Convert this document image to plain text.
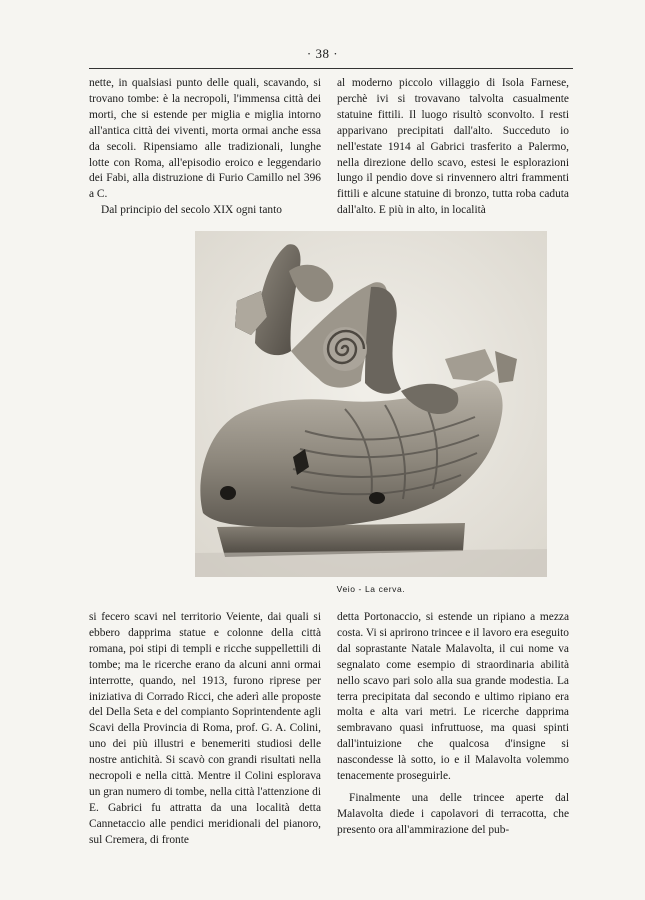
· 38 ·

nette, in qualsiasi punto delle quali, scavando, si trovano tombe: è la necropoli, l'immensa città dei morti, che si estende per miglia e miglia intorno all'antica città dei viventi, morta ormai anche essa da secoli. Ripensiamo alle tradizionali, lunghe lotte con Roma, all'episodio eroico e leggendario dei Fabi, alla distruzione di Furio Camillo nel 396 a C.

Dal principio del secolo XIX ogni tanto

al moderno piccolo villaggio di Isola Farnese, perchè ivi si trovavano talvolta casualmente statuine fittili. Il luogo risultò sconvolto. I resti apparivano precipitati dall'alto. Succeduto io nell'estate 1914 al Gabrici trasferito a Palermo, nella direzione dello scavo, estesi le esplorazioni lungo il pendio dove si rinvennero altri frammenti fittili e alcune statuine di bronzo, tutta roba caduta dall'alto. E più in alto, in località

Veio - La cerva.

si fecero scavi nel territorio Veiente, dai quali si ebbero dapprima statue e colonne della città romana, poi stipi di templi e ricche suppellettili di tombe; ma le ricerche erano da alcuni anni ormai interrotte, quando, nel 1913, furono riprese per iniziativa di Corrado Ricci, che aderì alle proposte del Della Seta e del compianto Soprintendente agli Scavi della Provincia di Roma, prof. G. A. Colini, uno dei più illustri e benemeriti studiosi delle nostre antichità. Si scavò con grandi risultati nella necropoli e nella città. Mentre il Colini esplorava un gran numero di tombe, nella città l'attenzione di E. Gabrici fu attratta da una località detta Cannetaccio alle pendici meridionali del pianoro, sul Cremera, di fronte

detta Portonaccio, si estende un ripiano a mezza costa. Vi si aprirono trincee e il lavoro era eseguito dal soprastante Natale Malavolta, il cui nome va segnalato come esempio di straordinaria abilità nello scavo pari solo alla sua grande modestia. La terra precipitata dal secondo e ultimo ripiano era molta e alta vari metri. Le ricerche dapprima sembravano quasi infruttuose, ma quasi spinti dall'intuizione che qualcosa d'insigne si nascondesse là sotto, io e il Malavolta volemmo tenacemente proseguirle.

Finalmente una delle trincee aperte dal Malavolta diede i capolavori di terracotta, che presento ora all'ammirazione del pub-
